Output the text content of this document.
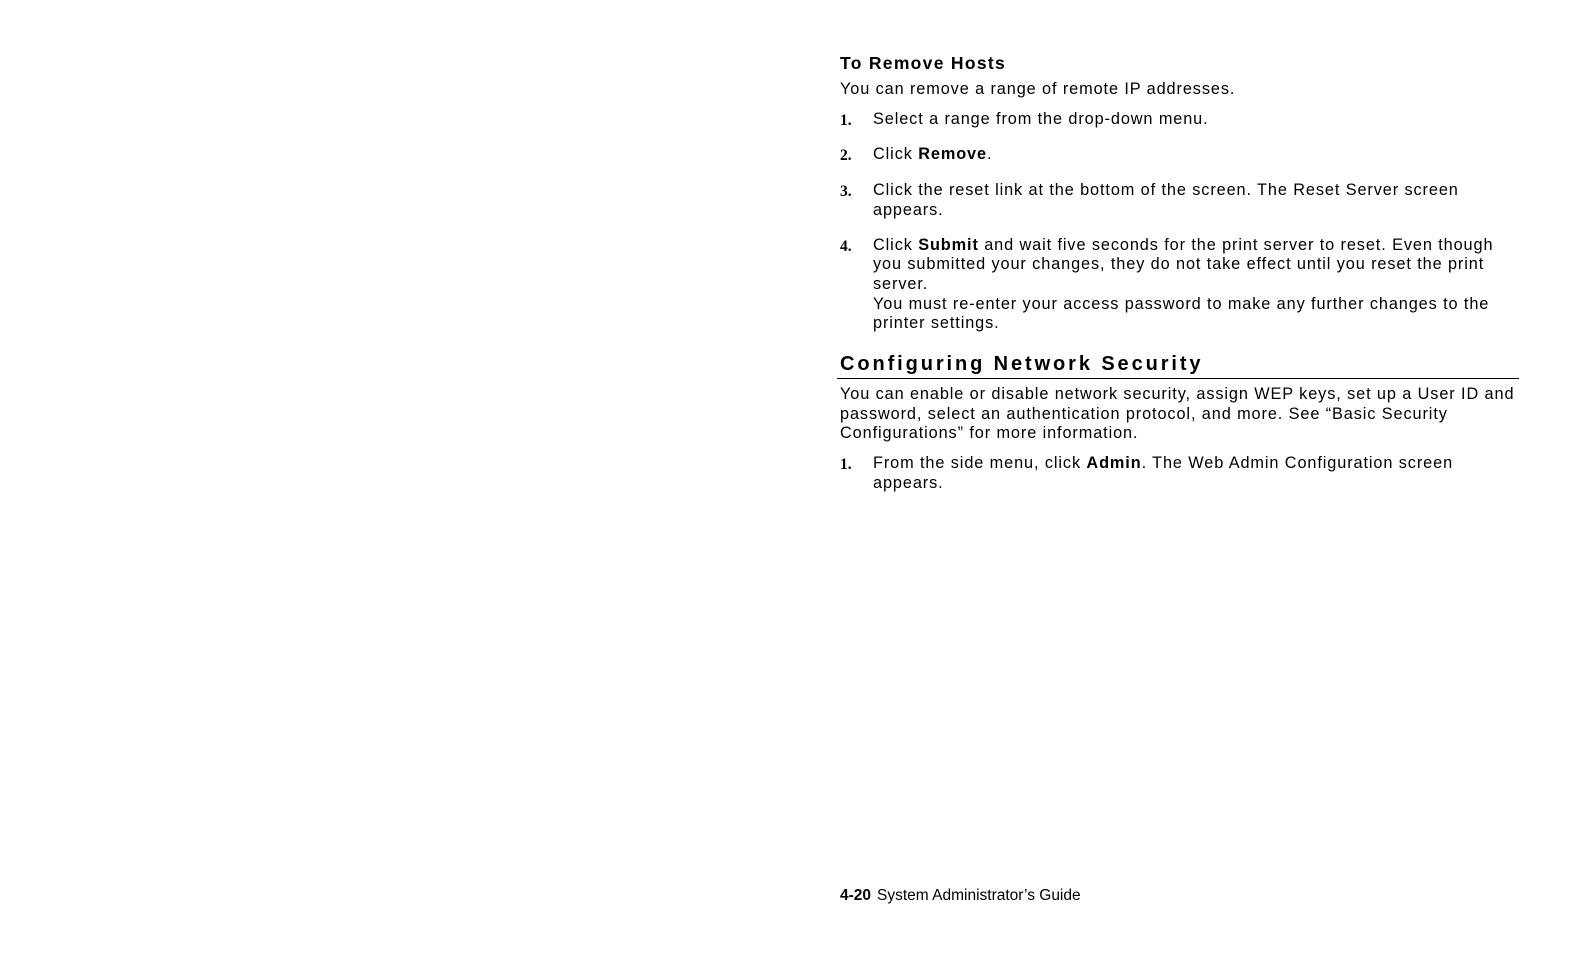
To Remove Hosts

You can remove a range of remote IP addresses.

1.	Select a range from the drop-down menu.
2.	Click Remove.
3.	Click the reset link at the bottom of the screen. The Reset Server screen appears.
4.	Click Submit and wait five seconds for the print server to reset. Even though you submitted your changes, they do not take effect until you reset the print server.
You must re-enter your access password to make any further changes to the printer settings.
Configuring Network Security

You can enable or disable network security, assign WEP keys, set up a User ID and password, select an authentication protocol, and more. See “Basic Security Configurations” for more information.

1.	From the side menu, click Admin. The Web Admin Configuration screen appears.
4-20 System Administrator’s Guide
